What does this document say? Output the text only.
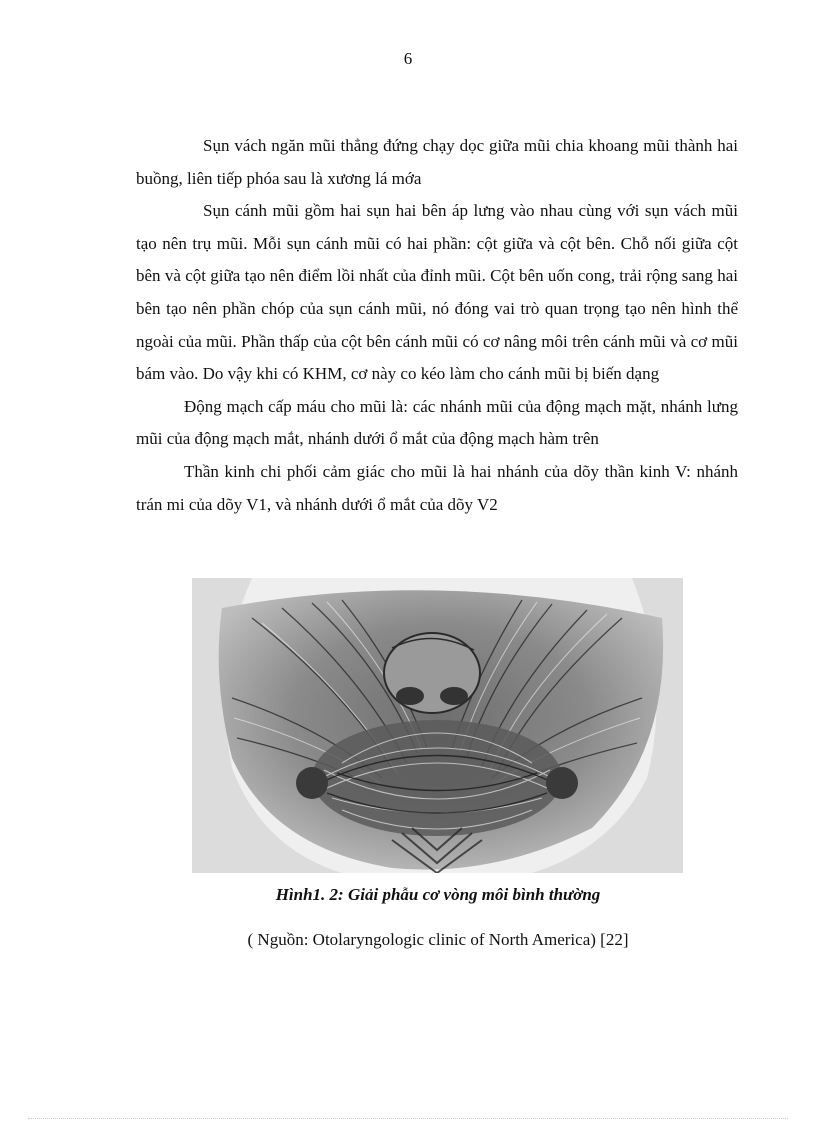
6

Sụn vách ngăn mũi thẳng đứng chạy dọc giữa mũi chia khoang mũi thành hai buồng, liên tiếp phóa sau là xương lá mớa

Sụn cánh mũi gồm hai sụn hai bên áp lưng vào nhau cùng với sụn vách mũi tạo nên trụ mũi. Mỗi sụn cánh mũi có hai phần: cột giữa và cột bên. Chỗ nối giữa cột bên và cột giữa tạo nên điểm lồi nhất của đỉnh mũi. Cột bên uốn cong, trải rộng sang hai bên tạo nên phần chóp của sụn cánh mũi, nó đóng vai trò quan trọng tạo nên hình thể ngoài của mũi. Phần thấp của cột bên cánh mũi có cơ nâng môi trên cánh mũi và cơ mũi bám vào. Do vậy khi có KHM, cơ này co kéo làm cho cánh mũi bị biến dạng

Động mạch cấp máu cho mũi là: các nhánh mũi của động mạch mặt, nhánh lưng mũi của động mạch mắt, nhánh dưới ổ mắt của động mạch hàm trên

Thần kinh chi phối cảm giác cho mũi là hai nhánh của dõy thần kinh V: nhánh trán mi của dõy V1, và nhánh dưới ổ mắt của dõy V2

Hình1. 2: Giải phẫu cơ vòng môi bình thường
( Nguồn: Otolaryngologic clinic of North America) [22]
